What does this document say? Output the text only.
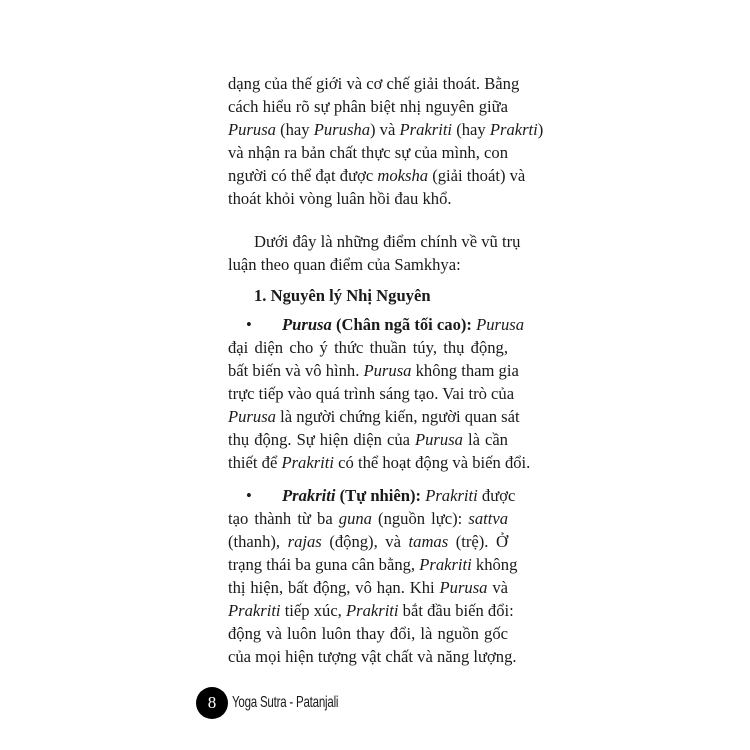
dạng của thế giới và cơ chế giải thoát. Bằng
cách hiểu rõ sự phân biệt nhị nguyên giữa
Purusa (hay Purusha) và Prakriti (hay Prakrti)
và nhận ra bản chất thực sự của mình, con
người có thể đạt được moksha (giải thoát) và
thoát khỏi vòng luân hồi đau khổ.
Dưới đây là những điểm chính về vũ trụ
luận theo quan điểm của Samkhya:
1. Nguyên lý Nhị Nguyên
• Purusa (Chân ngã tối cao): Purusa
đại diện cho ý thức thuần túy, thụ động,
bất biến và vô hình. Purusa không tham gia
trực tiếp vào quá trình sáng tạo. Vai trò của
Purusa là người chứng kiến, người quan sát
thụ động. Sự hiện diện của Purusa là cần
thiết để Prakriti có thể hoạt động và biến đổi.
• Prakriti (Tự nhiên): Prakriti được
tạo thành từ ba guna (nguồn lực): sattva
(thanh), rajas (động), và tamas (trệ). Ở
trạng thái ba guna cân bằng, Prakriti không
thị hiện, bất động, vô hạn. Khi Purusa và
Prakriti tiếp xúc, Prakriti bắt đầu biến đổi:
động và luôn luôn thay đổi, là nguồn gốc
của mọi hiện tượng vật chất và năng lượng.
8 Yoga Sutra - Patanjali
